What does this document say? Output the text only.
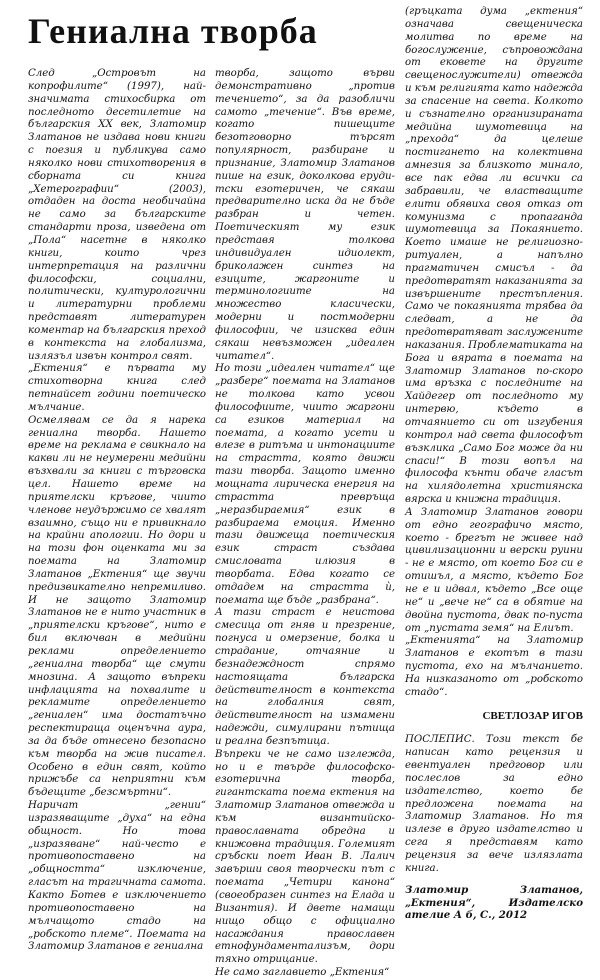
Гениална творба

След „Островът на копрофилите“ (1997), най-значимата стихосбирка от последното десетилетие на българския XX век, Златомир Златанов не издава нови книги с поезия и публикува само няколко нови стихотворения в сборната си книга „Хетерографии“ (2003), отдаден на доста необичайна не само за българските стандарти проза, изведена от „Пола“ насетне в няколко книги, които чрез интерпретация на различни философски, социални, политически, културологични и литературни проблеми представят литературен коментар на българския преход в контекста на глобализма, излязъл извън контрол свят.

„Ектения“ е първата му стихотворна книга след петнайсет години поетическо мълчание.

Осмелявам се да я нарека гениална творба. Нашето време на реклама е свикнало на какви ли не неумерени медийни възхвали за книги с търговска цел. Нашето време на приятелски кръгове, чиито членове неудържимо се хвалят взаимно, също ни е привикнало на крайни апологии. Но дори и на този фон оценката ми за поемата на Златомир Златанов „Ектения“ ще звучи предизвикателно непремиливо. И не защото Златомир Златанов не е нито участник в „приятелски кръгове“, нито е бил включван в медийни реклами определението „гениална творба“ ще смути мнозина. А защото въпреки инфлацията на похвалите и рекламите определението „гениален“ има достатъчно респектираща оценъчна аура, за да бъде отнесено безопасно към творба на жив писател. Особено в един свят, който прижъбе са неприятни към бъдещите „безсмъртни“.

Наричат „гении“ изразяващите „духа“ на една общност. Но това „изразяване“ най-често е противопоставено на „общността“ изключение, гласът на трагичната самота. Както Ботев е изключението противопоставено на мълчащото стадо на „робското племе“. Поемата на Златомир Златанов е гениална

творба, защото върви демонстративно „против течението“, за да разобличи самото „течение“. Във време, когато пишещите безотговорно търсят популярност, разбиране и признание, Златомир Златанов пише на език, доколкова ерудитски езотеричен, че сякаш предварително иска да не бъде разбран и четен. Поетическият му език представя толкова индивидуален идиолект, бриколажен синтез на езиците, жаргоните и терминологиите на множество класически, модерни и постмодерни философии, че изисква един сякаш невъзможен „идеален читател“.

Но този „идеален читател“ ще „разбере“ поемата на Златанов не толкова като усвои философиите, чиито жаргони са езиков материал на поемата, а когато усети и влезе в ритъма и интонациите на страстта, която движи тази творба. Защото именно мощната лирическа енергия на страстта превръща „неразбираемия“ език в разбираема емоция. Именно тази движеща поетическия език страст създава смисловата илюзия в творбата. Едва когато се отдадем на страстта ѝ, поемата ще бъде „разбрана“.

А тази страст е неистова смесица от гняв и презрение, погнуса и омерзение, болка и страдание, отчаяние и безнадеждност спрямо настоящата българска действителност в контекста на глобалния свят, действителност на измамени надежди, симулирани пътища и реална безпътица.

Въпреки че не само изглежда, но и е твърде философско-езотерична творба, гигантската поема ектения на Златомир Златанов отвежда и към византийско-православната обредна и книжовна традиция. Големият сръбски поет Иван В. Лалич завърши своя творчески път с поемата „Четири канона“ (своеобразен синтез на Елада и Византия). И двете намащи нищо общо с официално насаждания православен етнофундаментализъм, дори тяхно отрицание.

Не само заглавието „Ектения“

(гръцката дума „ектения“ означава свещеническа молитва по време на богослужение, съпровождана от ековете на другите свещенослужители) отвежда и към религията като надежда за спасение на света. Колкото и съзнателно организираната медийна шумотевица на „прехода“ да целеше постигането на колективна амнезия за близкото минало, все пак едва ли всички са забравили, че властващите елити обявиха своя отказ от комунизма с пропаганда шумотевица за Покаянието. Което имаше не религиозно-ритуален, а напълно прагматичен смисъл - да предотвратят наказанията за извършените престъпления. Само че покаянията трябва да следват, а не да предотвратяват заслужените наказания. Проблематиката на Бога и вярата в поемата на Златомир Златанов по-скоро има връзка с последните на Хайдегер от последното му интервю, където в отчаянието си от изгубения контрол над света философът възклика „Само Бог може да ни спаси!“ В този вопъл на философа кънти обаче гласът на хилядолетна християнска вярска и книжна традиция.

А Златомир Златанов говори от едно географичо място, което - брегът не живее над цивилизационни и верски руини - не е място, от което Бог си е отишъл, а място, където Бог не е и идвал, където „Все още не“ и „вече не“ са в обятие на двойна пустота, двак по-пуста от „пустата земя“ на Елиът.

„Ектенията“ на Златомир Златанов е екотът в тази пустота, ехо на мълчанието. На низказаното от „робското стадо“.

СВЕТЛОЗАР ИГОВ

ПОСЛЕПИС. Този текст бе написан като рецензия и евентуален предговор или послеслов за едно издателство, което бе предложена поемата на Златомир Златанов. Но тя излезе в друго издателство и сега я представям като рецензия за вече излязлата книга.

Златомир Златанов, „Ектения“, Издателско ателие А б, С., 2012
